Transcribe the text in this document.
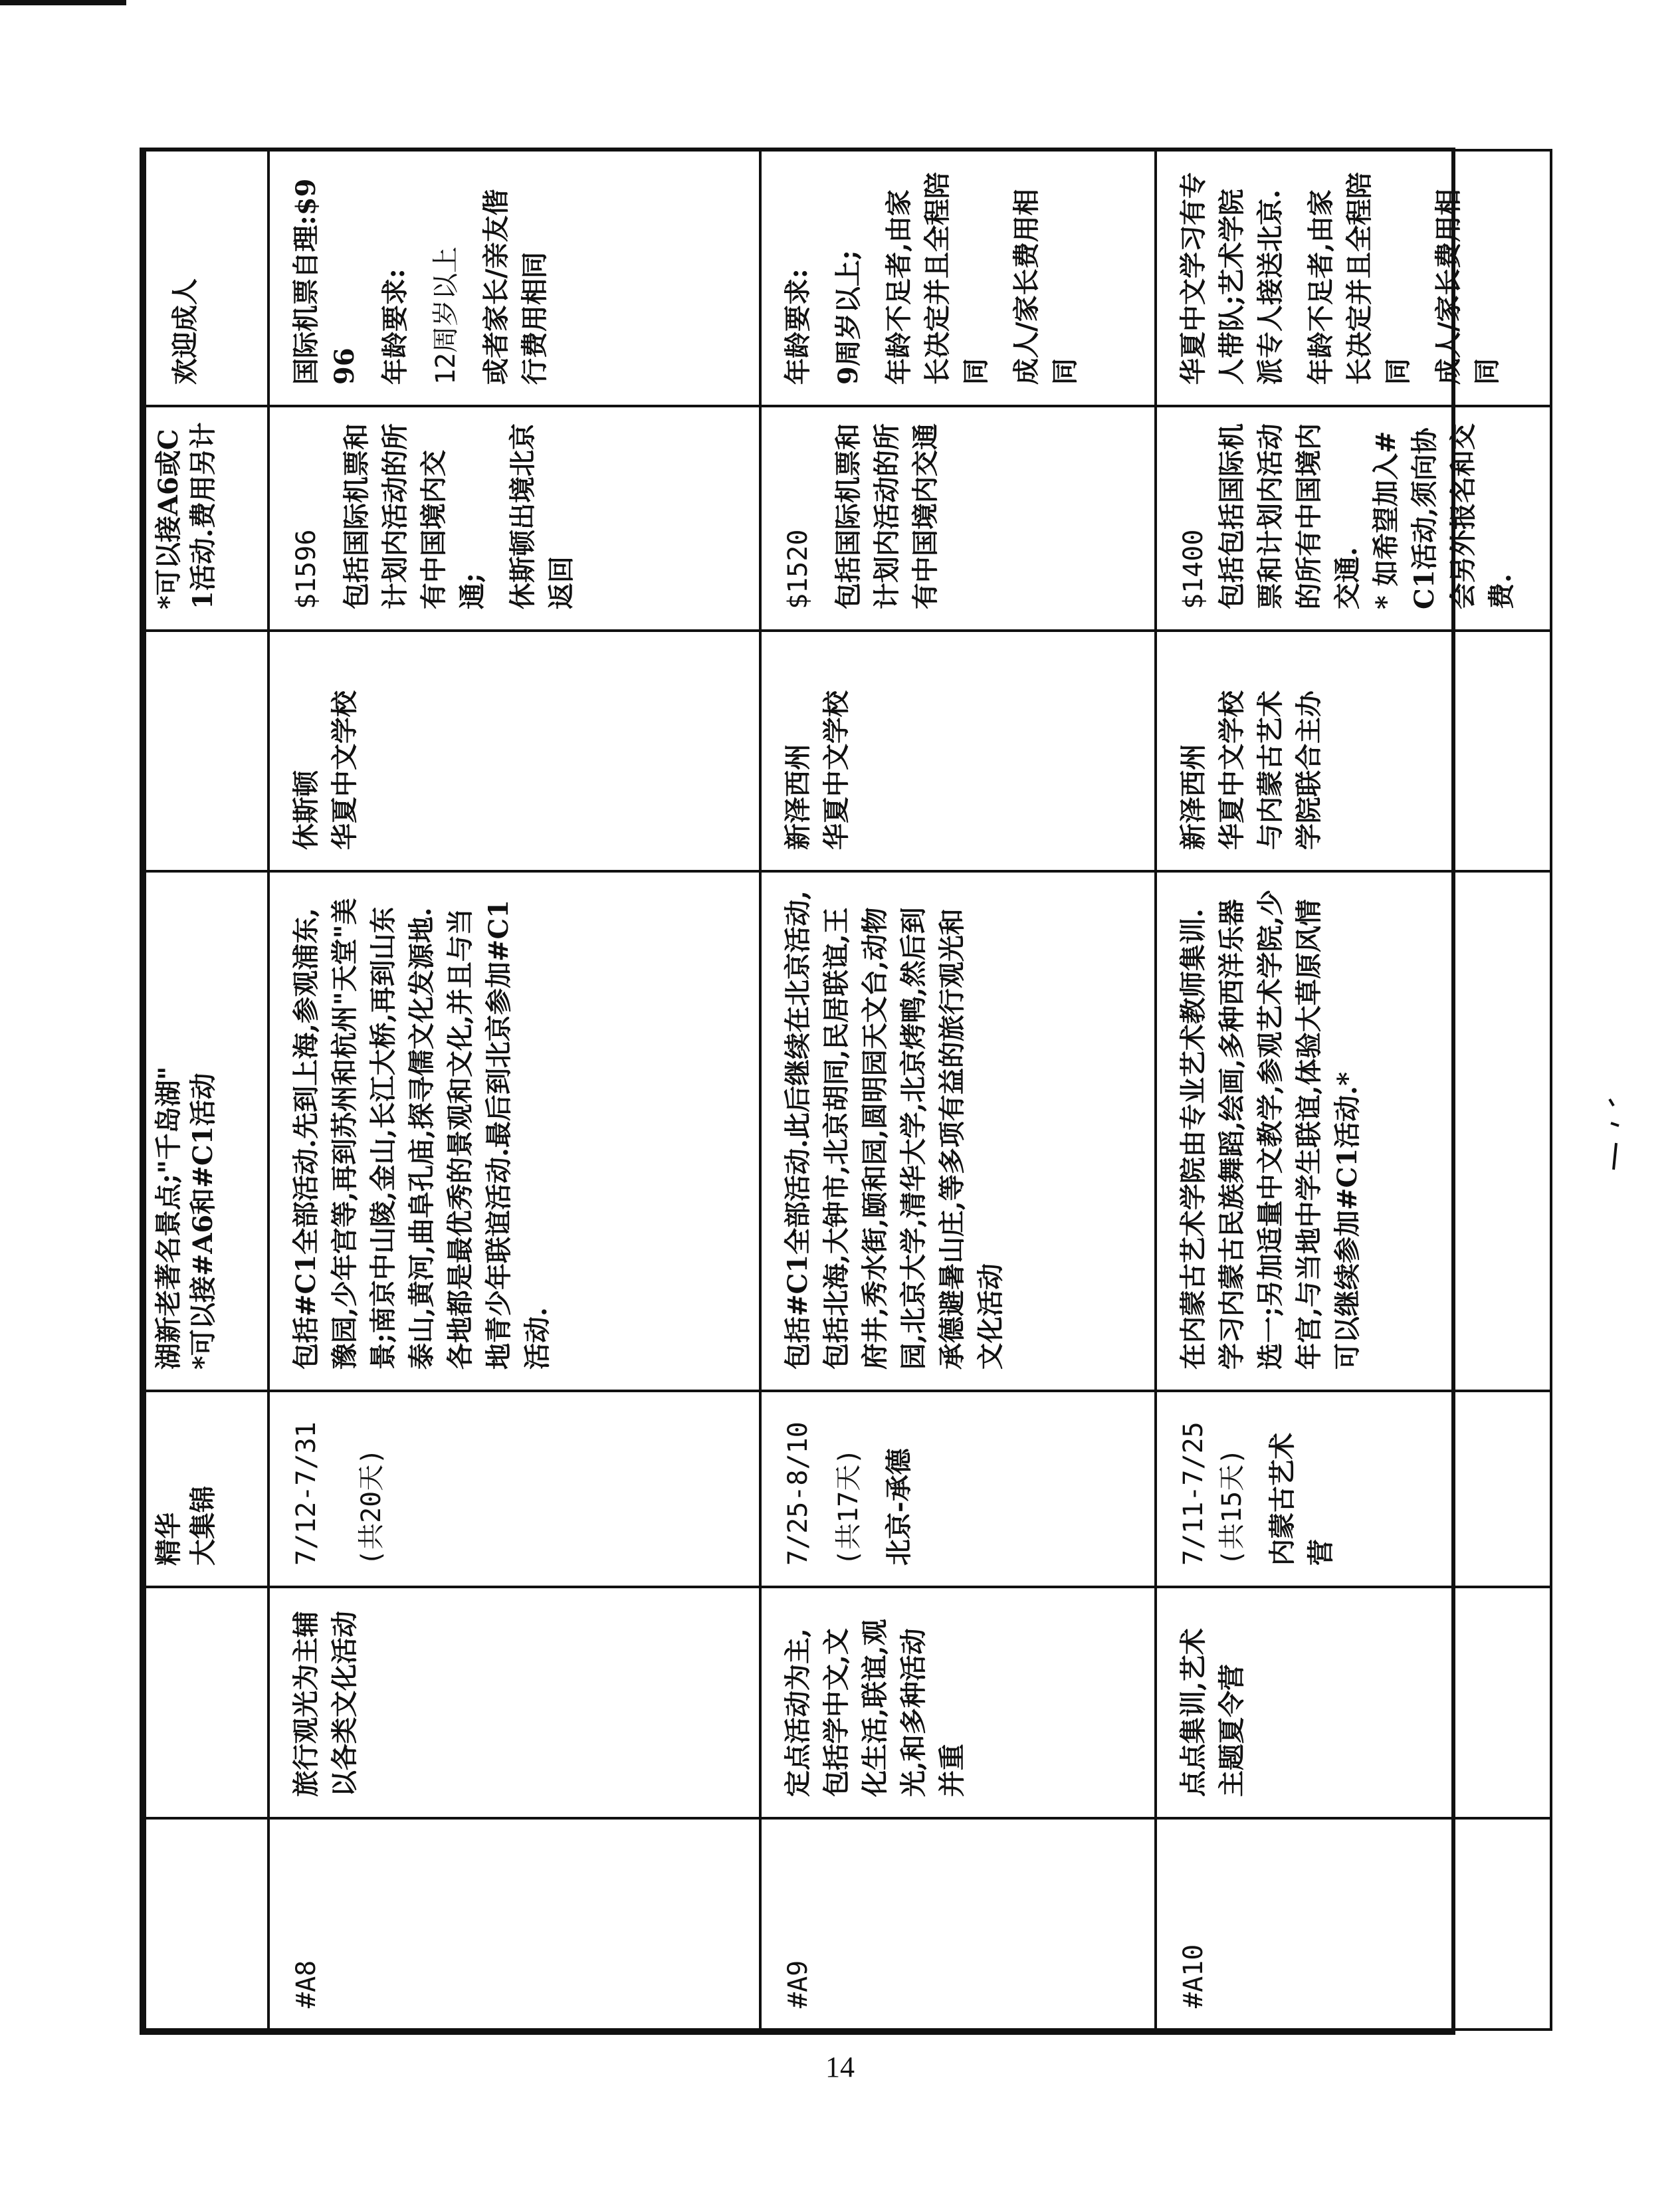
		精华 大集锦	湖新老著名景点;"千岛湖" *可以接#A6和#C1活动		*可以接A6或C1活动.费用另计	欢迎成人
#A8	旅行观光为主辅以各类文化活动	7/12-7/31 (共20天)	包括#C1全部活动.先到上海,参观浦东,豫园,少年宫等,再到苏州和杭州"天堂"美景;南京中山陵,金山,长江大桥,再到山东泰山,黄河,曲阜孔庙,探寻儒文化发源地.各地都是最优秀的景观和文化,并且与当地青少年联谊活动.最后到北京参加#C1活动.	休斯顿 华夏中文学校	$1596 包括国际机票和计划内活动的所有中国境内交通; 休斯顿出境北京返回	国际机票自理:$996 年龄要求: 12周岁以上 或者家长/亲友偕行费用相同

#A9	定点活动为主,包括学中文,文化生活,联谊,观光,和多种活动并重	7/25-8/10 (共17天) 北京-承德	包括#C1全部活动.此后继续在北京活动,包括北海,大钟市,北京胡同,民居联谊,王府井,秀水街,颐和园,圆明园天文台,动物园,北京大学,清华大学,北京烤鸭,然后到承德避暑山庄,等多项有益的旅行观光和文化活动	新泽西州 华夏中文学校	$1520 包括国际机票和计划内活动的所有中国境内交通	年龄要求: 9周岁以上; 年龄不足者,由家长决定并且全程陪同 成人/家长费用相同

#A10	点点集训,艺术主题夏令营	7/11-7/25(共15天) 内蒙古艺术营	在内蒙古艺术学院由专业艺术教师集训.学习内蒙古民族舞蹈,绘画,多种西洋乐器选一;另加适量中文教学,参观艺术学院,少年宫,与当地中学生联谊,体验大草原风情 可以继续参加#C1活动.*	新泽西州 华夏中文学校 与内蒙古艺术 学院联合主办	$1400 包括包括国际机票和计划内活动的所有中国境内交通. * 如希望加入#C1活动,须向协会另外报名和交费.	华夏中文学习有专人带队;艺术学院派专人接送北京. 年龄不足者,由家长决定并且全程陪同 成人/家长费用相同
14
